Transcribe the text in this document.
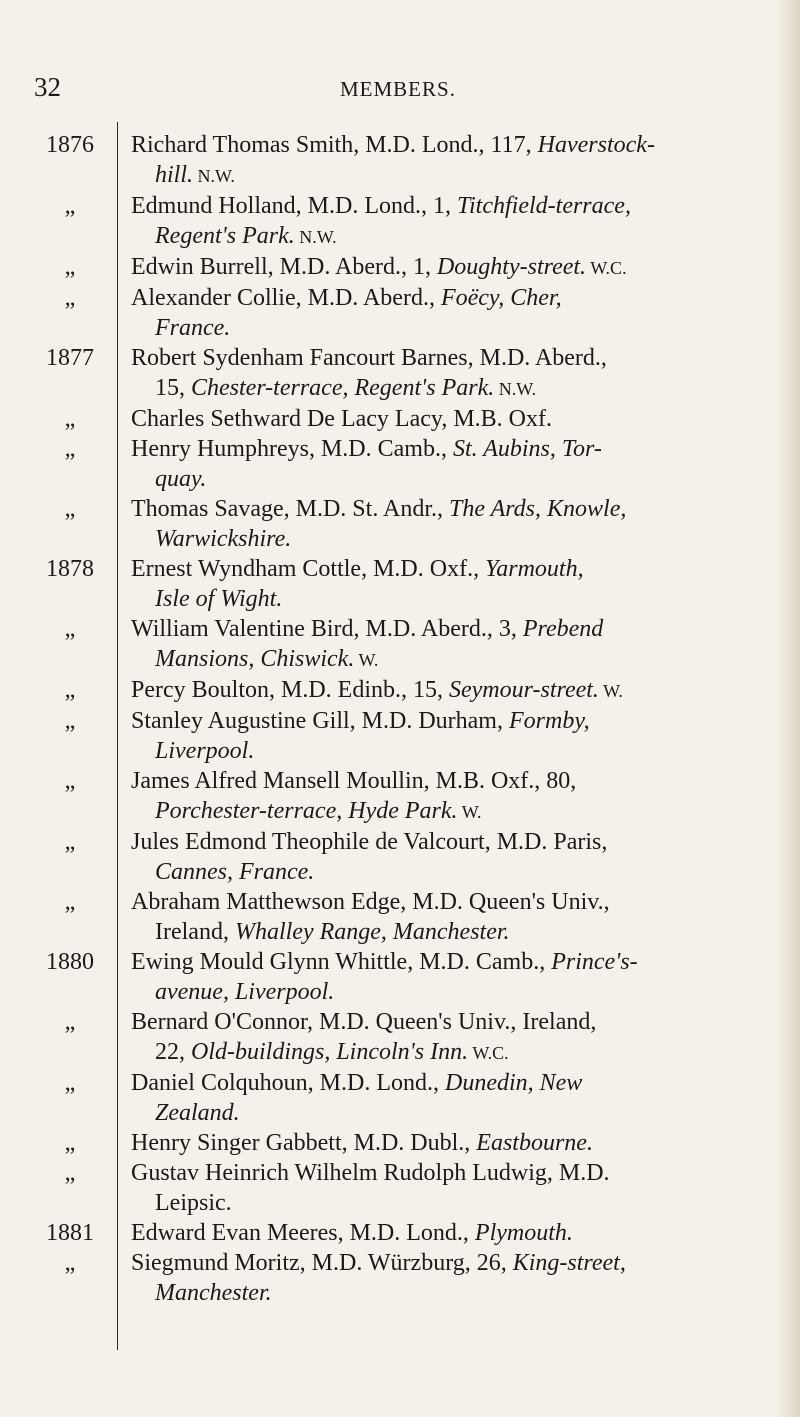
32	MEMBERS.
1876	Richard Thomas Smith, M.D. Lond., 117, Haverstock-
hill. N.W.
„	Edmund Holland, M.D. Lond., 1, Titchfield-terrace,
Regent's Park. N.W.
„	Edwin Burrell, M.D. Aberd., 1, Doughty-street. W.C.
„	Alexander Collie, M.D. Aberd., Foëcy, Cher,
France.
1877	Robert Sydenham Fancourt Barnes, M.D. Aberd.,
15, Chester-terrace, Regent's Park. N.W.
„	Charles Sethward De Lacy Lacy, M.B. Oxf.
„	Henry Humphreys, M.D. Camb., St. Aubins, Tor-
quay.
„	Thomas Savage, M.D. St. Andr., The Ards, Knowle,
Warwickshire.
1878	Ernest Wyndham Cottle, M.D. Oxf., Yarmouth,
Isle of Wight.
„	William Valentine Bird, M.D. Aberd., 3, Prebend
Mansions, Chiswick. W.
„	Percy Boulton, M.D. Edinb., 15, Seymour-street. W.
„	Stanley Augustine Gill, M.D. Durham, Formby,
Liverpool.
„	James Alfred Mansell Moullin, M.B. Oxf., 80,
Porchester-terrace, Hyde Park. W.
„	Jules Edmond Theophile de Valcourt, M.D. Paris,
Cannes, France.
„	Abraham Matthewson Edge, M.D. Queen's Univ.,
Ireland, Whalley Range, Manchester.
1880	Ewing Mould Glynn Whittle, M.D. Camb., Prince's-
avenue, Liverpool.
„	Bernard O'Connor, M.D. Queen's Univ., Ireland,
22, Old-buildings, Lincoln's Inn. W.C.
„	Daniel Colquhoun, M.D. Lond., Dunedin, New
Zealand.
„	Henry Singer Gabbett, M.D. Dubl., Eastbourne.
„	Gustav Heinrich Wilhelm Rudolph Ludwig, M.D.
Leipsic.
1881	Edward Evan Meeres, M.D. Lond., Plymouth.
„	Siegmund Moritz, M.D. Würzburg, 26, King-street,
Manchester.
